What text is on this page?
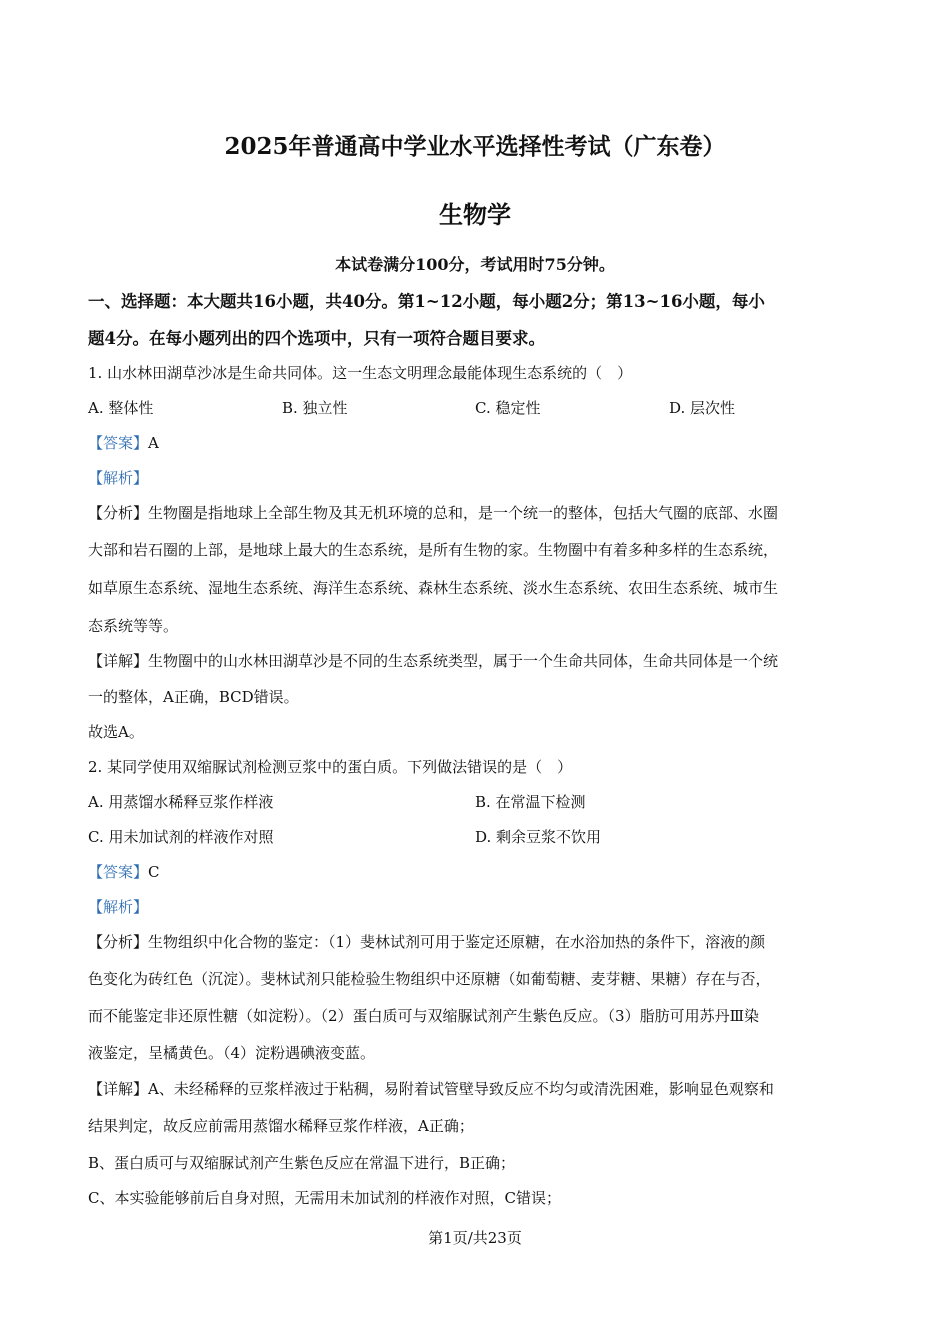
2025年普通高中学业水平选择性考试（广东卷）
生物学
本试卷满分100分，考试用时75分钟。
一、选择题：本大题共16小题，共40分。第1~12小题，每小题2分；第13~16小题，每小
题4分。在每小题列出的四个选项中，只有一项符合题目要求。
1. 山水林田湖草沙冰是生命共同体。这一生态文明理念最能体现生态系统的（　）
A. 整体性	B. 独立性	C. 稳定性	D. 层次性
【答案】A
【解析】
【分析】生物圈是指地球上全部生物及其无机环境的总和，是一个统一的整体，包括大气圈的底部、水圈
大部和岩石圈的上部，是地球上最大的生态系统，是所有生物的家。生物圈中有着多种多样的生态系统，
如草原生态系统、湿地生态系统、海洋生态系统、森林生态系统、淡水生态系统、农田生态系统、城市生
态系统等等。
【详解】生物圈中的山水林田湖草沙是不同的生态系统类型，属于一个生命共同体，生命共同体是一个统
一的整体，A正确，BCD错误。
故选A。
2. 某同学使用双缩脲试剂检测豆浆中的蛋白质。下列做法错误的是（　）
A. 用蒸馏水稀释豆浆作样液	B. 在常温下检测
C. 用未加试剂的样液作对照	D. 剩余豆浆不饮用
【答案】C
【解析】
【分析】生物组织中化合物的鉴定：（1）斐林试剂可用于鉴定还原糖，在水浴加热的条件下，溶液的颜
色变化为砖红色（沉淀）。斐林试剂只能检验生物组织中还原糖（如葡萄糖、麦芽糖、果糖）存在与否，
而不能鉴定非还原性糖（如淀粉）。（2）蛋白质可与双缩脲试剂产生紫色反应。（3）脂肪可用苏丹Ⅲ染
液鉴定，呈橘黄色。（4）淀粉遇碘液变蓝。
【详解】A、未经稀释的豆浆样液过于粘稠，易附着试管壁导致反应不均匀或清洗困难，影响显色观察和
结果判定，故反应前需用蒸馏水稀释豆浆作样液，A正确；
B、蛋白质可与双缩脲试剂产生紫色反应在常温下进行，B正确；
C、本实验能够前后自身对照，无需用未加试剂的样液作对照，C错误；
第1页/共23页
